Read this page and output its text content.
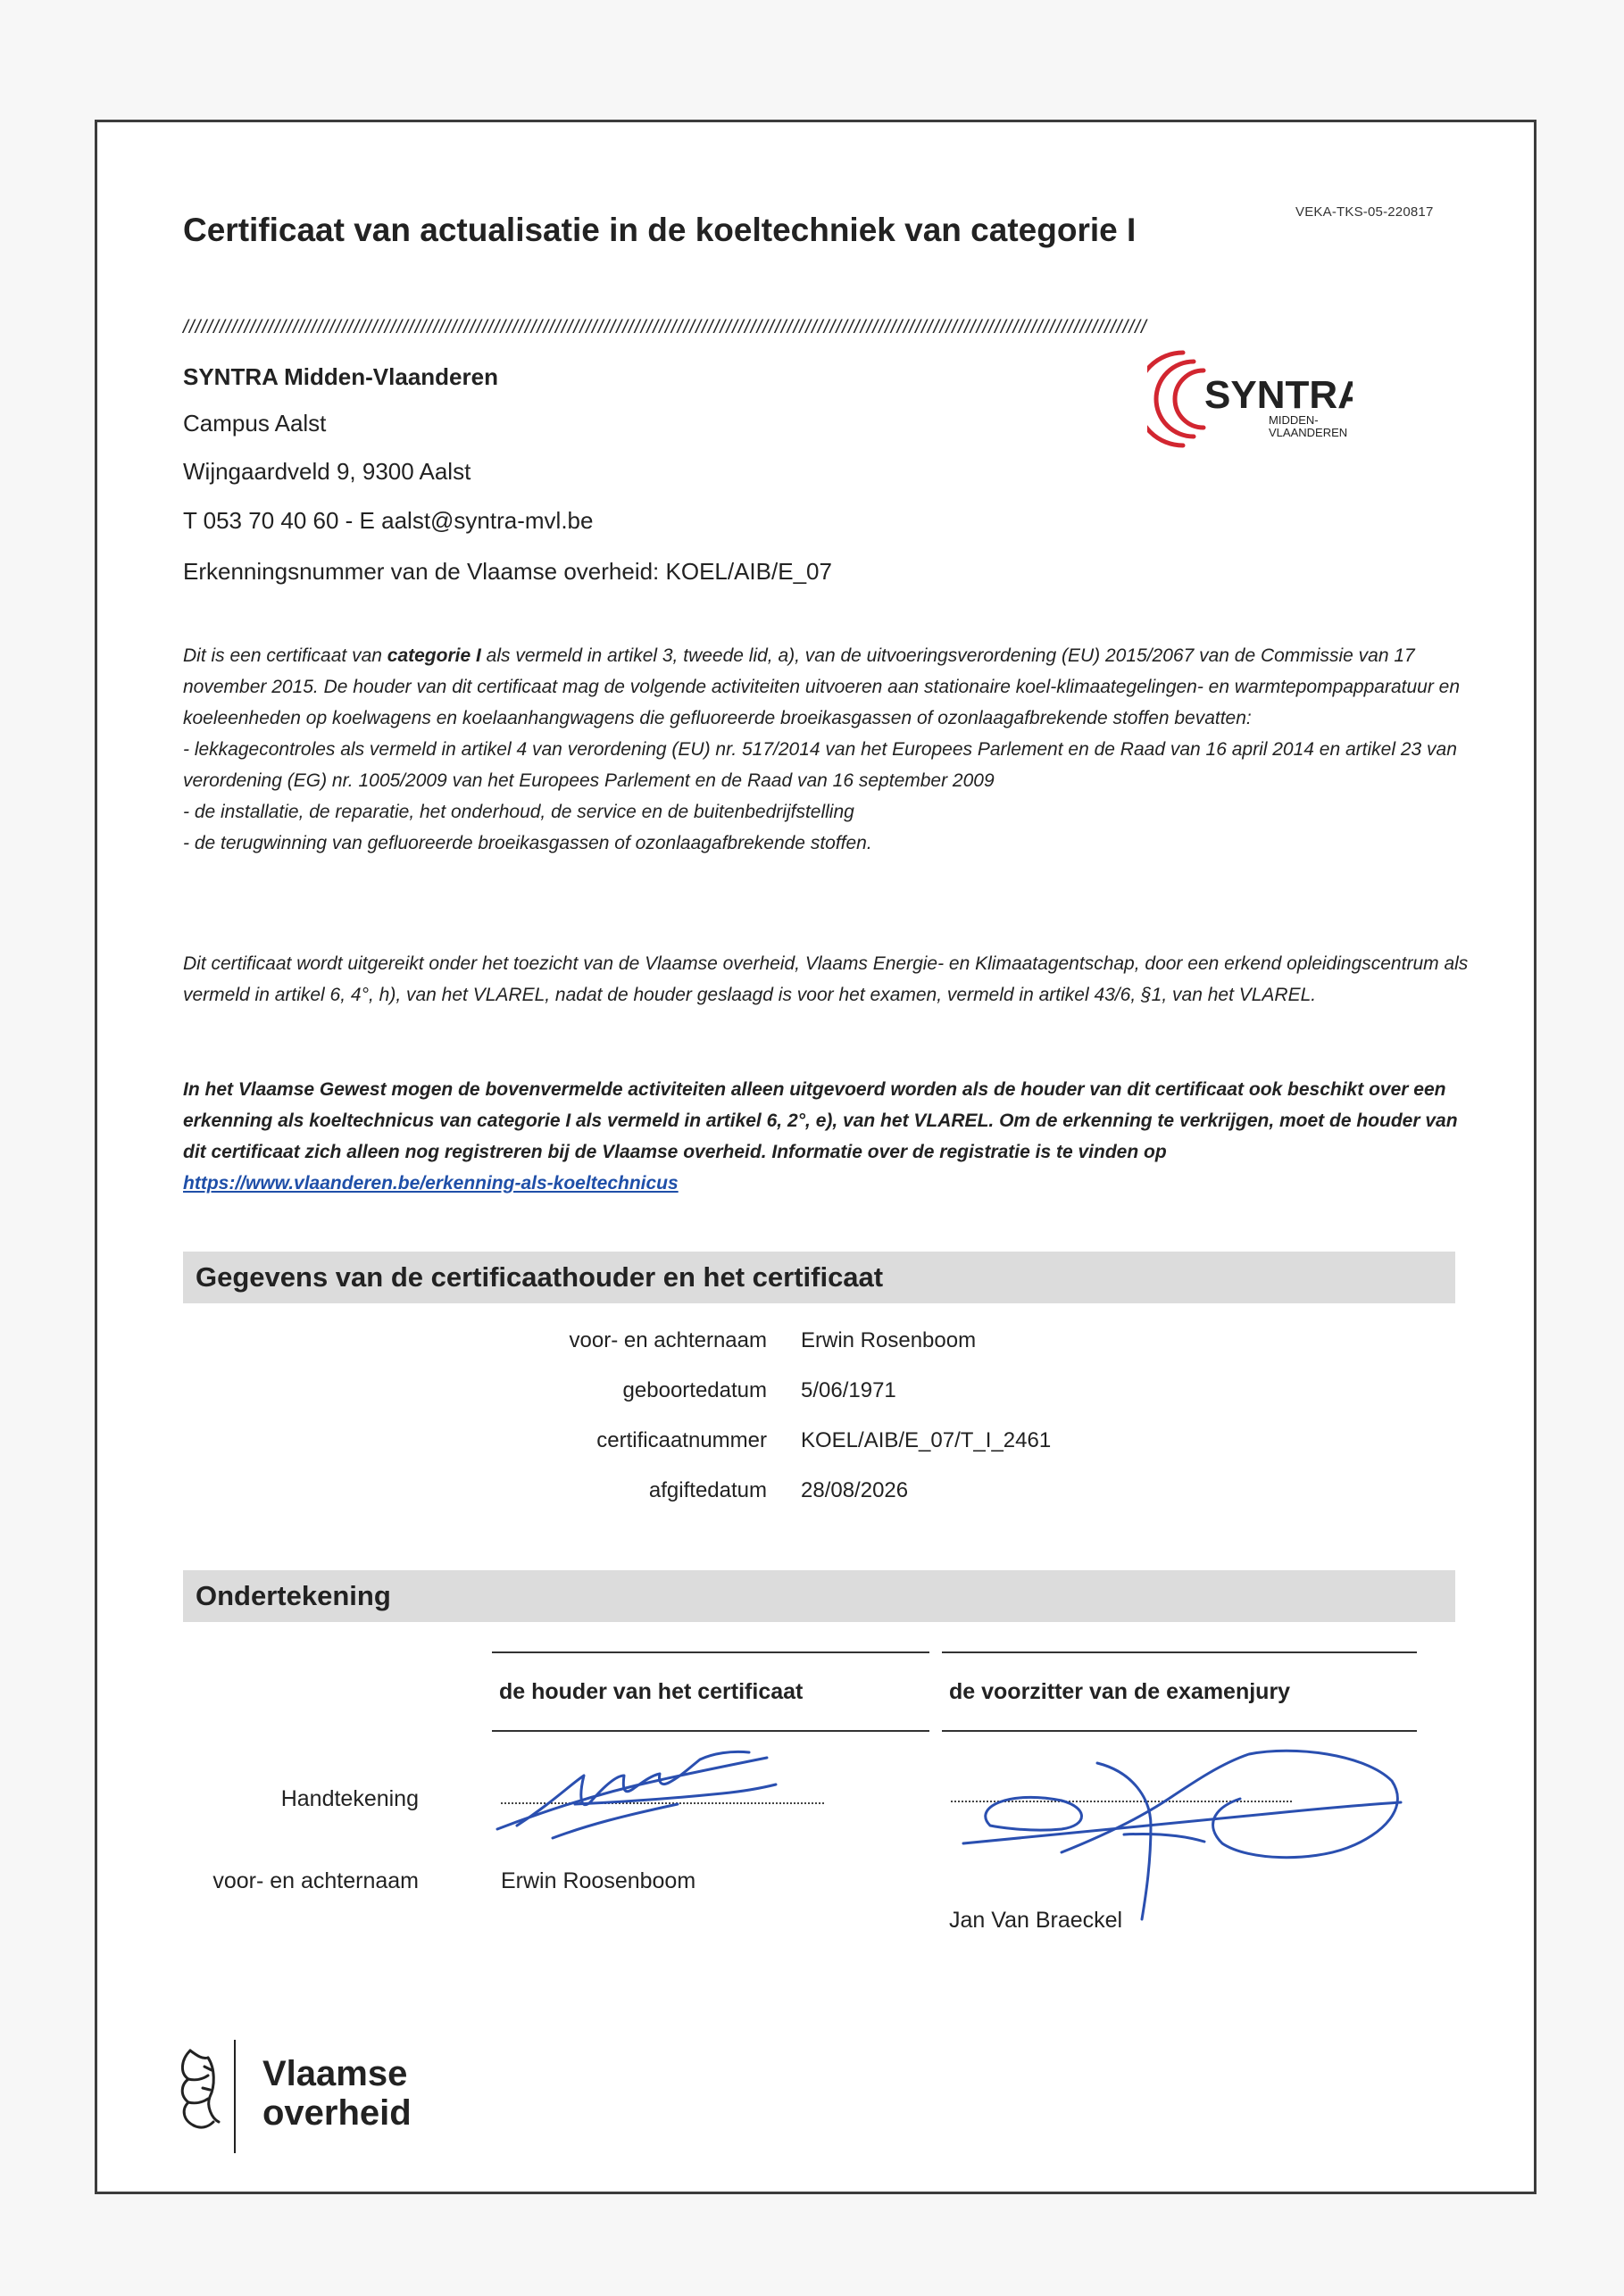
VEKA-TKS-05-220817
Certificaat van actualisatie in de koeltechniek van categorie I
//////////////////////////////////////////////////////////////////////////////////////////////////////////////////////////////////////////////////////////////
SYNTRA Midden-Vlaanderen
Campus Aalst
Wijngaardveld 9, 9300 Aalst
T 053 70 40 60 - E aalst@syntra-mvl.be
Erkenningsnummer van de Vlaamse overheid: KOEL/AIB/E_07
SYNTRA
MIDDEN-
VLAANDEREN

Dit is een certificaat van categorie I als vermeld in artikel 3, tweede lid, a), van de uitvoeringsverordening (EU) 2015/2067 van de Commissie van 17 november 2015. De houder van dit certificaat mag de volgende activiteiten uitvoeren aan stationaire koel-klimaategelingen- en warmtepompapparatuur en koeleenheden op koelwagens en koelaanhangwagens die gefluoreerde broeikasgassen of ozonlaagafbrekende stoffen bevatten:

- lekkagecontroles als vermeld in artikel 4 van verordening (EU) nr. 517/2014 van het Europees Parlement en de Raad van 16 april 2014 en artikel 23 van verordening (EG) nr. 1005/2009 van het Europees Parlement en de Raad van 16 september 2009

- de installatie, de reparatie, het onderhoud, de service en de buitenbedrijfstelling

- de terugwinning van gefluoreerde broeikasgassen of ozonlaagafbrekende stoffen.

Dit certificaat wordt uitgereikt onder het toezicht van de Vlaamse overheid, Vlaams Energie- en Klimaatagentschap, door een erkend opleidingscentrum als vermeld in artikel 6, 4°, h), van het VLAREL, nadat de houder geslaagd is voor het examen, vermeld in artikel 43/6, §1, van het VLAREL.

In het Vlaamse Gewest mogen de bovenvermelde activiteiten alleen uitgevoerd worden als de houder van dit certificaat ook beschikt over een erkenning als koeltechnicus van categorie I als vermeld in artikel 6, 2°, e), van het VLAREL. Om de erkenning te verkrijgen, moet de houder van dit certificaat zich alleen nog registreren bij de Vlaamse overheid. Informatie over de registratie is te vinden op https://www.vlaanderen.be/erkenning-als-koeltechnicus

Gegevens van de certificaathouder en het certificaat
voor- en achternaam Erwin Rosenboom
geboortedatum 5/06/1971
certificaatnummer KOEL/AIB/E_07/T_I_2461
afgiftedatum 28/08/2026
Ondertekening
de houder van het certificaat	de voorzitter van de examenjury
Handtekening
voor- en achternaam	Erwin Roosenboom
Jan Van Braeckel
Vlaamse
overheid
